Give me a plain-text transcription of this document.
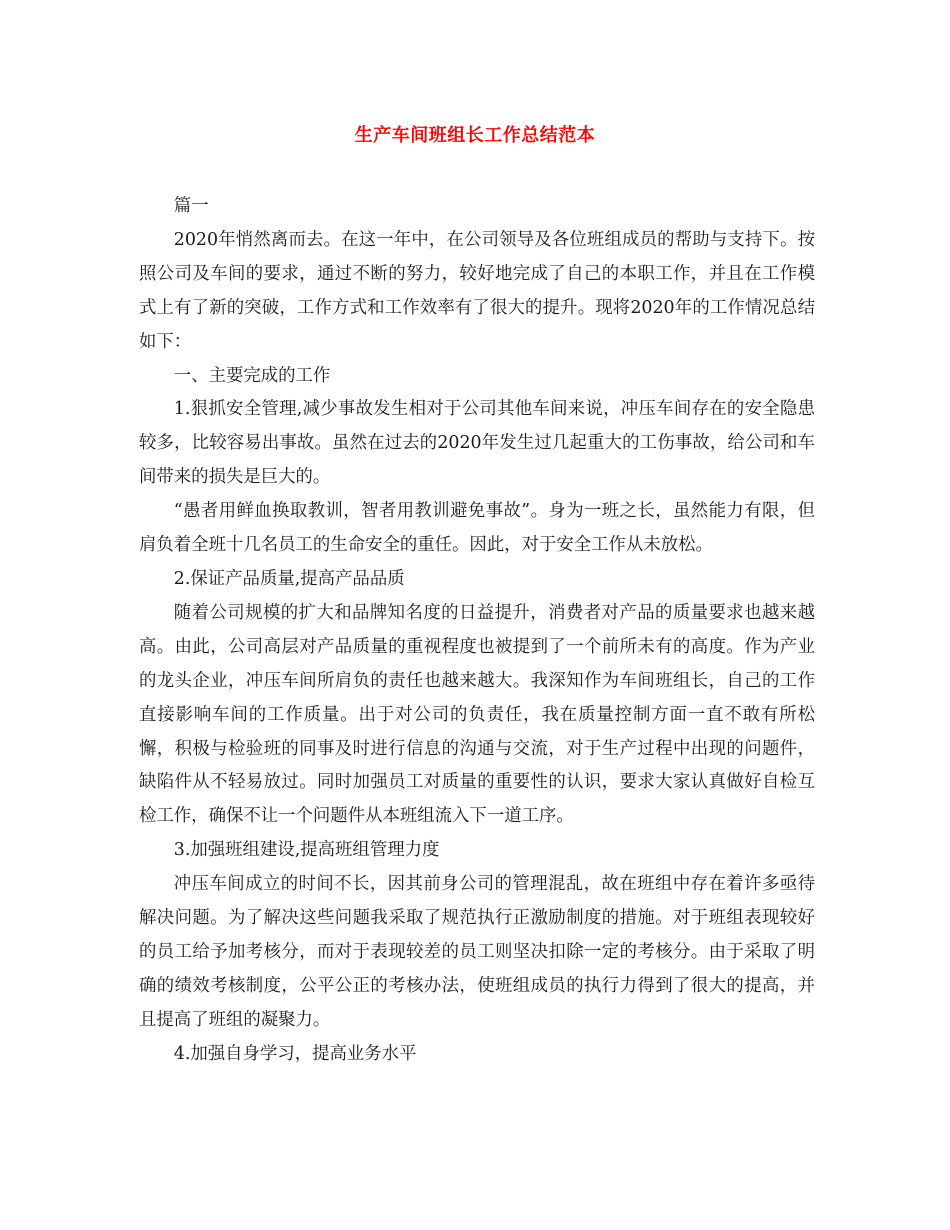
生产车间班组长工作总结范本

篇一

2020年悄然离而去。在这一年中，在公司领导及各位班组成员的帮助与支持下。按照公司及车间的要求，通过不断的努力，较好地完成了自己的本职工作，并且在工作模式上有了新的突破，工作方式和工作效率有了很大的提升。现将2020年的工作情况总结如下：

一、主要完成的工作

1.狠抓安全管理,减少事故发生相对于公司其他车间来说，冲压车间存在的安全隐患较多，比较容易出事故。虽然在过去的2020年发生过几起重大的工伤事故，给公司和车间带来的损失是巨大的。

“愚者用鲜血换取教训，智者用教训避免事故”。身为一班之长，虽然能力有限，但肩负着全班十几名员工的生命安全的重任。因此，对于安全工作从未放松。

2.保证产品质量,提高产品品质

随着公司规模的扩大和品牌知名度的日益提升，消费者对产品的质量要求也越来越高。由此，公司高层对产品质量的重视程度也被提到了一个前所未有的高度。作为产业的龙头企业，冲压车间所肩负的责任也越来越大。我深知作为车间班组长，自己的工作直接影响车间的工作质量。出于对公司的负责任，我在质量控制方面一直不敢有所松懈，积极与检验班的同事及时进行信息的沟通与交流，对于生产过程中出现的问题件，缺陷件从不轻易放过。同时加强员工对质量的重要性的认识，要求大家认真做好自检互检工作，确保不让一个问题件从本班组流入下一道工序。

3.加强班组建设,提高班组管理力度

冲压车间成立的时间不长，因其前身公司的管理混乱，故在班组中存在着许多亟待解决问题。为了解决这些问题我采取了规范执行正激励制度的措施。对于班组表现较好的员工给予加考核分，而对于表现较差的员工则坚决扣除一定的考核分。由于采取了明确的绩效考核制度，公平公正的考核办法，使班组成员的执行力得到了很大的提高，并且提高了班组的凝聚力。

4.加强自身学习，提高业务水平
